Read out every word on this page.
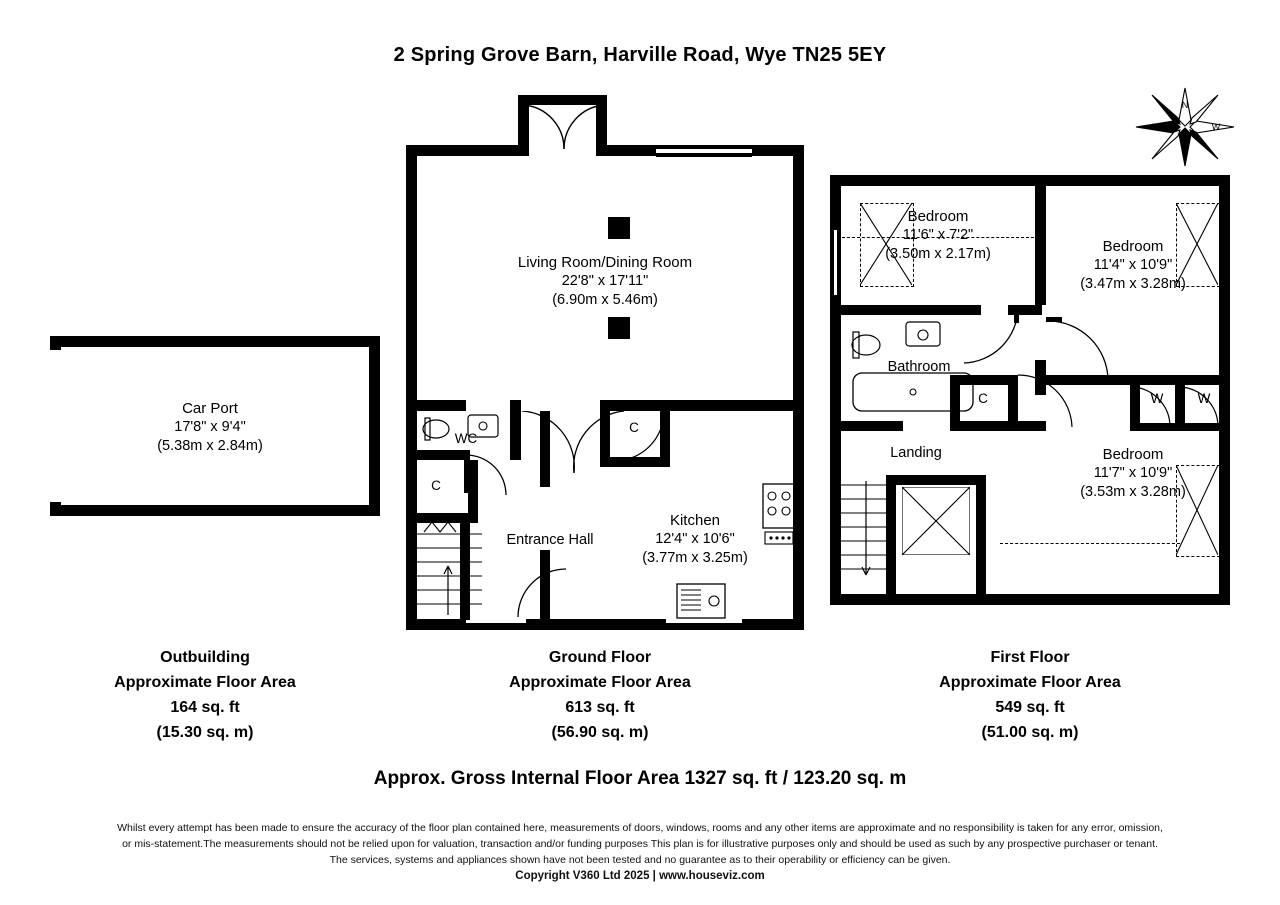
2 Spring Grove Barn, Harville Road, Wye TN25 5EY
N
E
S	W
Car Port
17'8" x 9'4"
(5.38m x 2.84m)
Living Room/Dining Room
22'8" x 17'11"
(6.90m x 5.46m)
WC
C
Entrance Hall
C
Kitchen
12'4" x 10'6"
(3.77m x 3.25m)
Bedroom
11'6" x 7'2"
(3.50m x 2.17m)	Bedroom
11'4" x 10'9"
(3.47m x 3.28m)
Bathroom
C
Landing
W	W
Bedroom
11'7" x 10'9"
(3.53m x 3.28m)
Outbuilding
Approximate Floor Area
164 sq. ft
(15.30 sq. m)
Ground Floor
Approximate Floor Area
613 sq. ft
(56.90 sq. m)
First Floor
Approximate Floor Area
549 sq. ft
(51.00 sq. m)
Approx. Gross Internal Floor Area 1327 sq. ft / 123.20 sq. m
Whilst every attempt has been made to ensure the accuracy of the floor plan contained here, measurements of doors, windows, rooms and any other items are approximate and no responsibility is taken for any error, omission,
or mis-statement.The measurements should not be relied upon for valuation, transaction and/or funding purposes This plan is for illustrative purposes only and should be used as such by any prospective purchaser or tenant.
The services, systems and appliances shown have not been tested and no guarantee as to their operability or efficiency can be given.
Copyright V360 Ltd 2025 | www.houseviz.com
